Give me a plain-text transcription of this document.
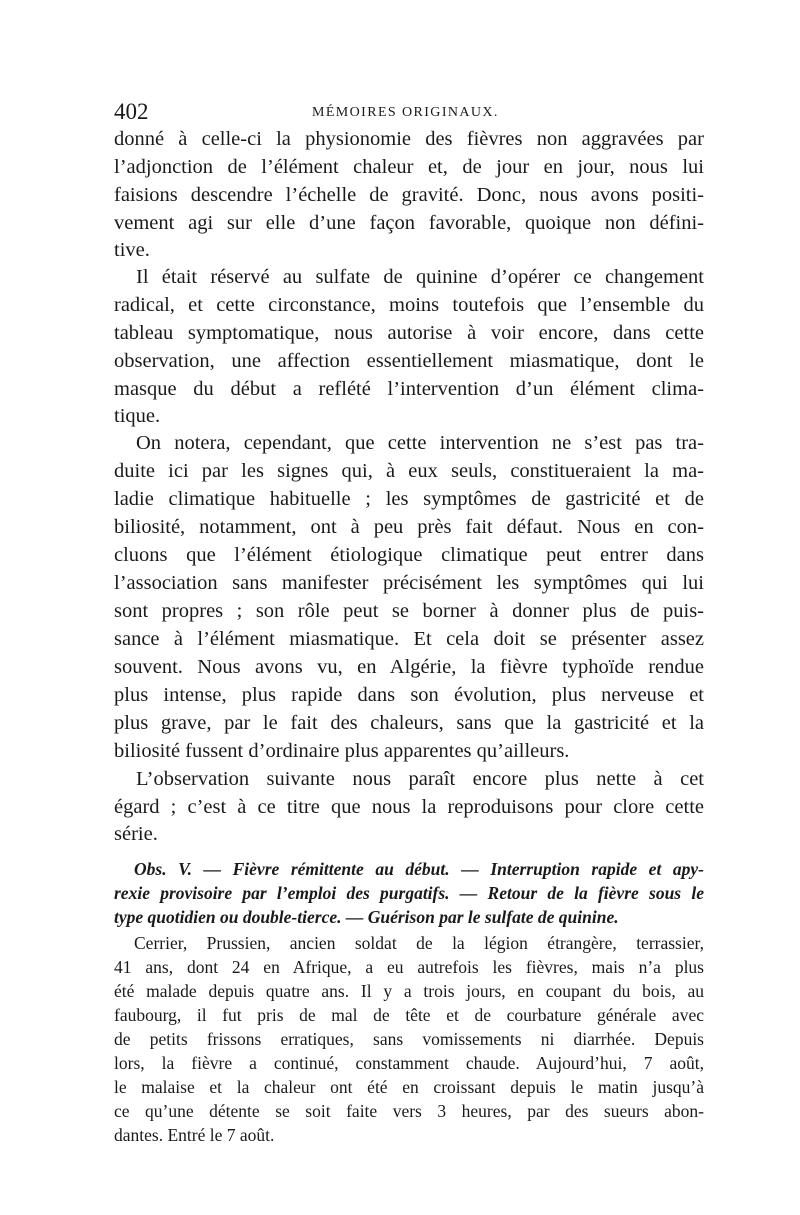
402	MÉMOIRES ORIGINAUX.

donné à celle-ci la physionomie des fièvres non aggravées par

l’adjonction de l’élément chaleur et, de jour en jour, nous lui

faisions descendre l’échelle de gravité. Donc, nous avons positi-

vement agi sur elle d’une façon favorable, quoique non défini-

tive.

Il était réservé au sulfate de quinine d’opérer ce changement

radical, et cette circonstance, moins toutefois que l’ensemble du

tableau symptomatique, nous autorise à voir encore, dans cette

observation, une affection essentiellement miasmatique, dont le

masque du début a reflété l’intervention d’un élément clima-

tique.

On notera, cependant, que cette intervention ne s’est pas tra-

duite ici par les signes qui, à eux seuls, constitueraient la ma-

ladie climatique habituelle ; les symptômes de gastricité et de

biliosité, notamment, ont à peu près fait défaut. Nous en con-

cluons que l’élément étiologique climatique peut entrer dans

l’association sans manifester précisément les symptômes qui lui

sont propres ; son rôle peut se borner à donner plus de puis-

sance à l’élément miasmatique. Et cela doit se présenter assez

souvent. Nous avons vu, en Algérie, la fièvre typhoïde rendue

plus intense, plus rapide dans son évolution, plus nerveuse et

plus grave, par le fait des chaleurs, sans que la gastricité et la

biliosité fussent d’ordinaire plus apparentes qu’ailleurs.

L’observation suivante nous paraît encore plus nette à cet

égard ; c’est à ce titre que nous la reproduisons pour clore cette

série.

Obs. V. — Fièvre rémittente au début. — Interruption rapide et apy-

rexie provisoire par l’emploi des purgatifs. — Retour de la fièvre sous le

type quotidien ou double-tierce. — Guérison par le sulfate de quinine.

Cerrier, Prussien, ancien soldat de la légion étrangère, terrassier,

41 ans, dont 24 en Afrique, a eu autrefois les fièvres, mais n’a plus

été malade depuis quatre ans. Il y a trois jours, en coupant du bois, au

faubourg, il fut pris de mal de tête et de courbature générale avec

de petits frissons erratiques, sans vomissements ni diarrhée. Depuis

lors, la fièvre a continué, constamment chaude. Aujourd’hui, 7 août,

le malaise et la chaleur ont été en croissant depuis le matin jusqu’à

ce qu’une détente se soit faite vers 3 heures, par des sueurs abon-

dantes. Entré le 7 août.
